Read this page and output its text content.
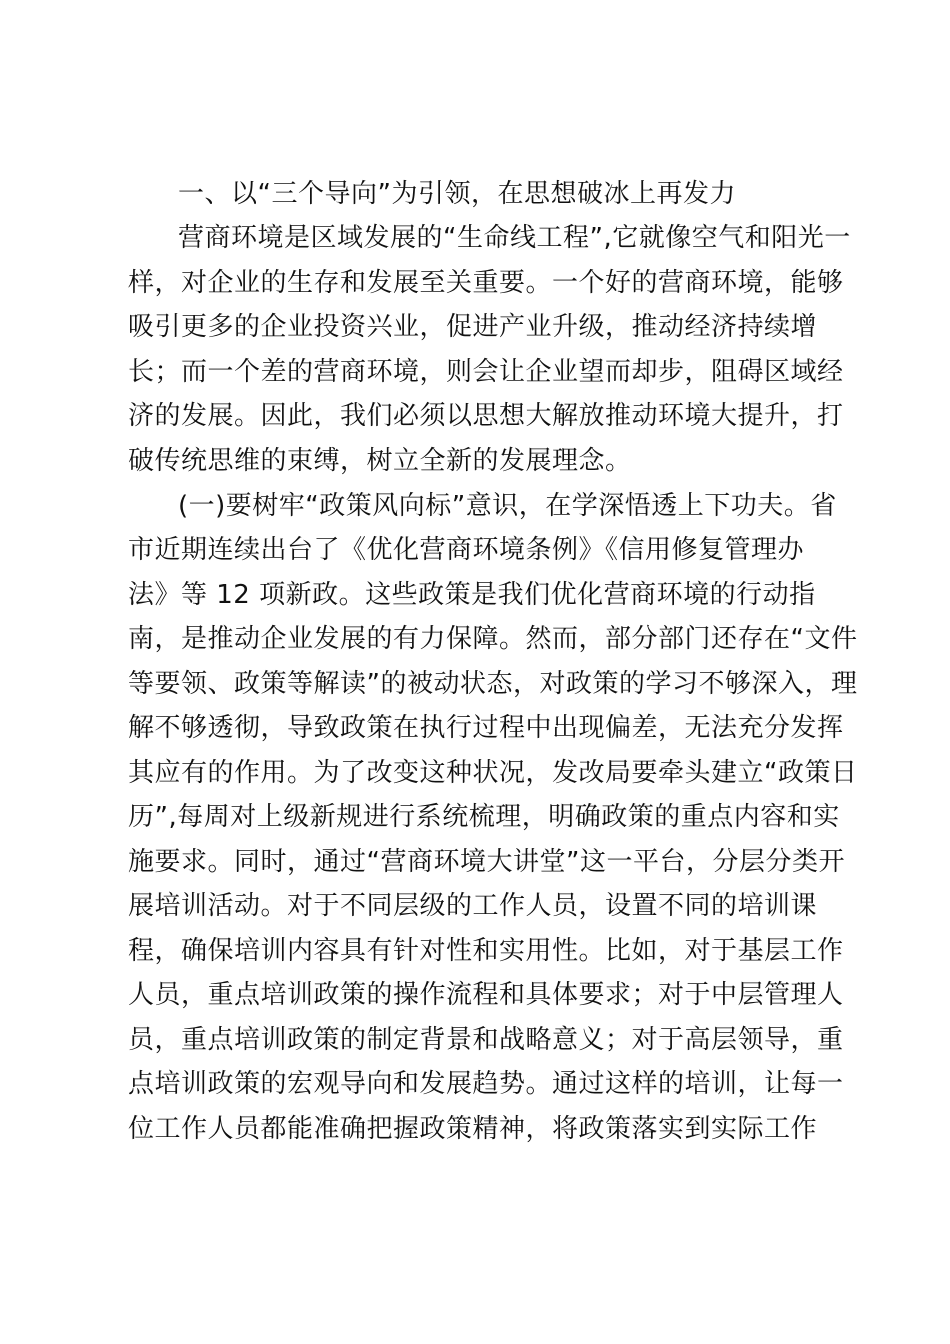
一、以“三个导向”为引领，在思想破冰上再发力
营商环境是区域发展的“生命线工程”,它就像空气和阳光一
样，对企业的生存和发展至关重要。一个好的营商环境，能够
吸引更多的企业投资兴业，促进产业升级，推动经济持续增
长；而一个差的营商环境，则会让企业望而却步，阻碍区域经
济的发展。因此，我们必须以思想大解放推动环境大提升，打
破传统思维的束缚，树立全新的发展理念。
(一)要树牢“政策风向标”意识，在学深悟透上下功夫。省
市近期连续出台了《优化营商环境条例》《信用修复管理办
法》等 12 项新政。这些政策是我们优化营商环境的行动指
南，是推动企业发展的有力保障。然而，部分部门还存在“文件
等要领、政策等解读”的被动状态，对政策的学习不够深入，理
解不够透彻，导致政策在执行过程中出现偏差，无法充分发挥
其应有的作用。为了改变这种状况，发改局要牵头建立“政策日
历”,每周对上级新规进行系统梳理，明确政策的重点内容和实
施要求。同时，通过“营商环境大讲堂”这一平台，分层分类开
展培训活动。对于不同层级的工作人员，设置不同的培训课
程，确保培训内容具有针对性和实用性。比如，对于基层工作
人员，重点培训政策的操作流程和具体要求；对于中层管理人
员，重点培训政策的制定背景和战略意义；对于高层领导，重
点培训政策的宏观导向和发展趋势。通过这样的培训，让每一
位工作人员都能准确把握政策精神，将政策落实到实际工作
